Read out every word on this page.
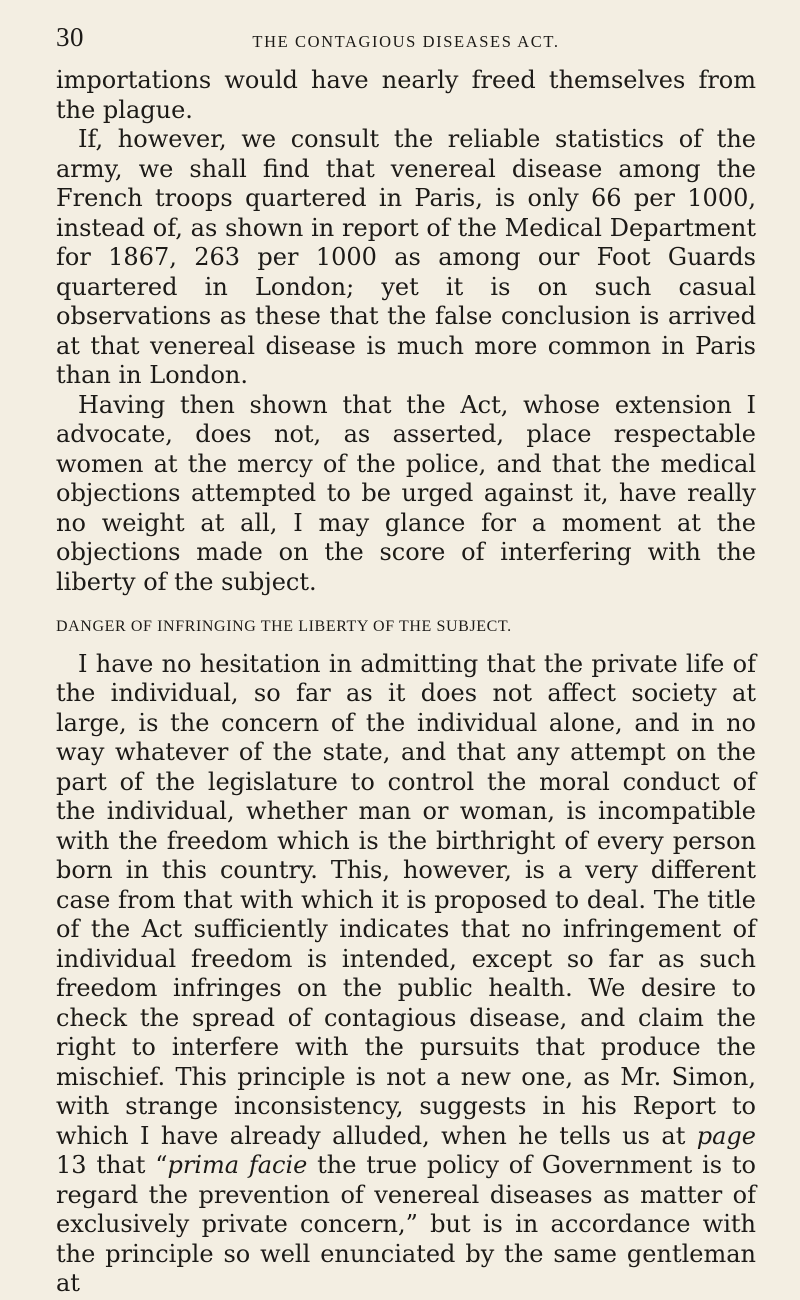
30	THE CONTAGIOUS DISEASES ACT.

importations would have nearly freed themselves from the plague.

If, however, we consult the reliable statistics of the army, we shall find that venereal disease among the French troops quartered in Paris, is only 66 per 1000, instead of, as shown in report of the Medical Department for 1867, 263 per 1000 as among our Foot Guards quartered in London; yet it is on such casual observations as these that the false conclusion is arrived at that venereal disease is much more common in Paris than in London.

Having then shown that the Act, whose extension I advocate, does not, as asserted, place respectable women at the mercy of the police, and that the medical objections attempted to be urged against it, have really no weight at all, I may glance for a moment at the objections made on the score of interfering with the liberty of the subject.

DANGER OF INFRINGING THE LIBERTY OF THE SUBJECT.

I have no hesitation in admitting that the private life of the individual, so far as it does not affect society at large, is the concern of the individual alone, and in no way whatever of the state, and that any attempt on the part of the legislature to control the moral conduct of the individual, whether man or woman, is incompatible with the freedom which is the birthright of every person born in this country. This, however, is a very different case from that with which it is proposed to deal. The title of the Act sufficiently indicates that no infringement of individual freedom is intended, except so far as such freedom infringes on the public health. We desire to check the spread of contagious disease, and claim the right to interfere with the pursuits that produce the mischief. This principle is not a new one, as Mr. Simon, with strange inconsistency, suggests in his Report to which I have already alluded, when he tells us at page 13 that “prima facie the true policy of Government is to regard the prevention of venereal diseases as matter of exclusively private concern,” but is in accordance with the principle so well enunciated by the same gentleman at
